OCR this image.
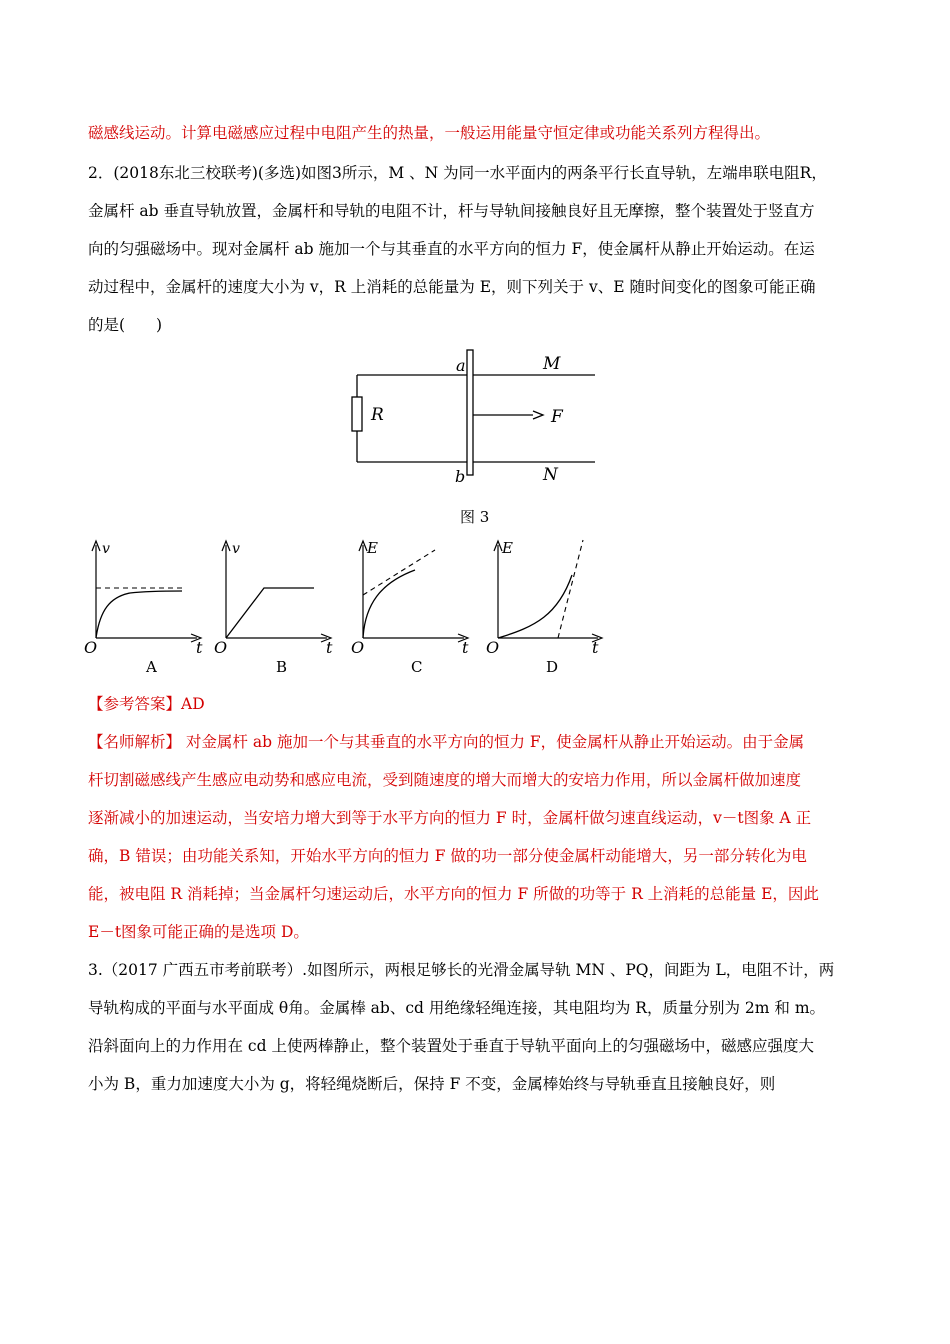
磁感线运动。计算电磁感应过程中电阻产生的热量，一般运用能量守恒定律或功能关系列方程得出。
2．(2018东北三校联考)(多选)如图3所示，M 、N 为同一水平面内的两条平行长直导轨，左端串联电阻R，
金属杆 ab 垂直导轨放置，金属杆和导轨的电阻不计，杆与导轨间接触良好且无摩擦，整个装置处于竖直方
向的匀强磁场中。现对金属杆 ab 施加一个与其垂直的水平方向的恒力 F，使金属杆从静止开始运动。在运
动过程中，金属杆的速度大小为 v，R 上消耗的总能量为 E，则下列关于 v、E 随时间变化的图象可能正确
的是(　　)
a
b
M
N
R	F
图 3
v
O	t
A
v
O	t
B
E
O	t
C
E
O	t
D
【参考答案】AD
【名师解析】 对金属杆 ab 施加一个与其垂直的水平方向的恒力 F，使金属杆从静止开始运动。由于金属
杆切割磁感线产生感应电动势和感应电流，受到随速度的增大而增大的安培力作用，所以金属杆做加速度
逐渐减小的加速运动，当安培力增大到等于水平方向的恒力 F 时，金属杆做匀速直线运动，v－t图象 A 正
确，B 错误；由功能关系知，开始水平方向的恒力 F 做的功一部分使金属杆动能增大，另一部分转化为电
能，被电阻 R 消耗掉；当金属杆匀速运动后，水平方向的恒力 F 所做的功等于 R 上消耗的总能量 E，因此
E－t图象可能正确的是选项 D。
3.（2017 广西五市考前联考）.如图所示，两根足够长的光滑金属导轨 MN 、PQ，间距为 L，电阻不计，两
导轨构成的平面与水平面成 θ角。金属棒 ab、cd 用绝缘轻绳连接，其电阻均为 R，质量分别为 2m 和 m。
沿斜面向上的力作用在 cd 上使两棒静止，整个装置处于垂直于导轨平面向上的匀强磁场中，磁感应强度大
小为 B，重力加速度大小为 g，将轻绳烧断后，保持 F 不变，金属棒始终与导轨垂直且接触良好，则
